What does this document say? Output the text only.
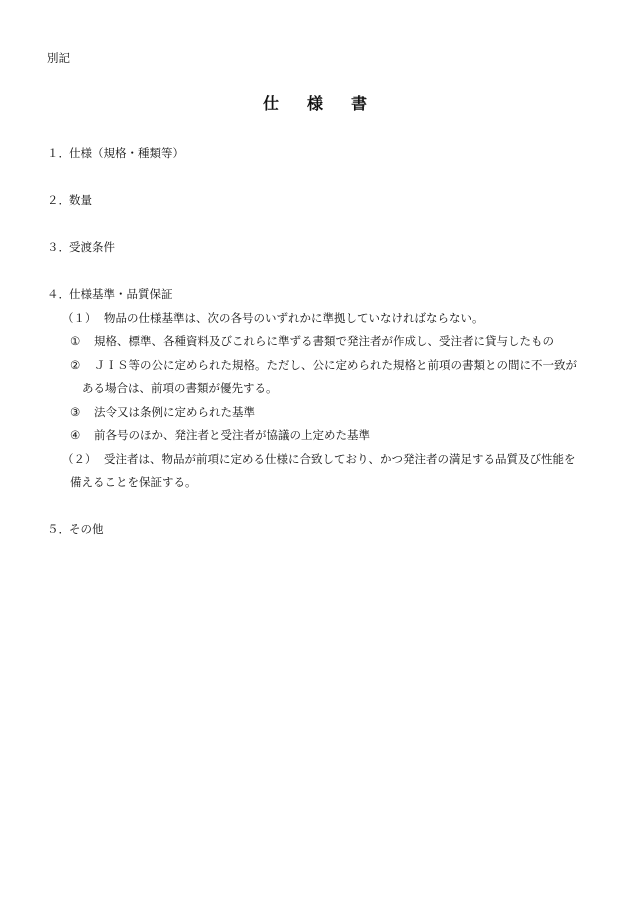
別記
仕様書
１．仕様（規格・種類等）
２．数量
３．受渡条件
４．仕様基準・品質保証
（１） 物品の仕様基準は、次の各号のいずれかに準拠していなければならない。
① 規格、標準、各種資料及びこれらに準ずる書類で発注者が作成し、受注者に貸与したもの
② ＪＩＳ等の公に定められた規格。ただし、公に定められた規格と前項の書類との間に不一致が
ある場合は、前項の書類が優先する。
③ 法令又は条例に定められた基準
④ 前各号のほか、発注者と受注者が協議の上定めた基準
（２） 受注者は、物品が前項に定める仕様に合致しており、かつ発注者の満足する品質及び性能を
備えることを保証する。
５．その他
